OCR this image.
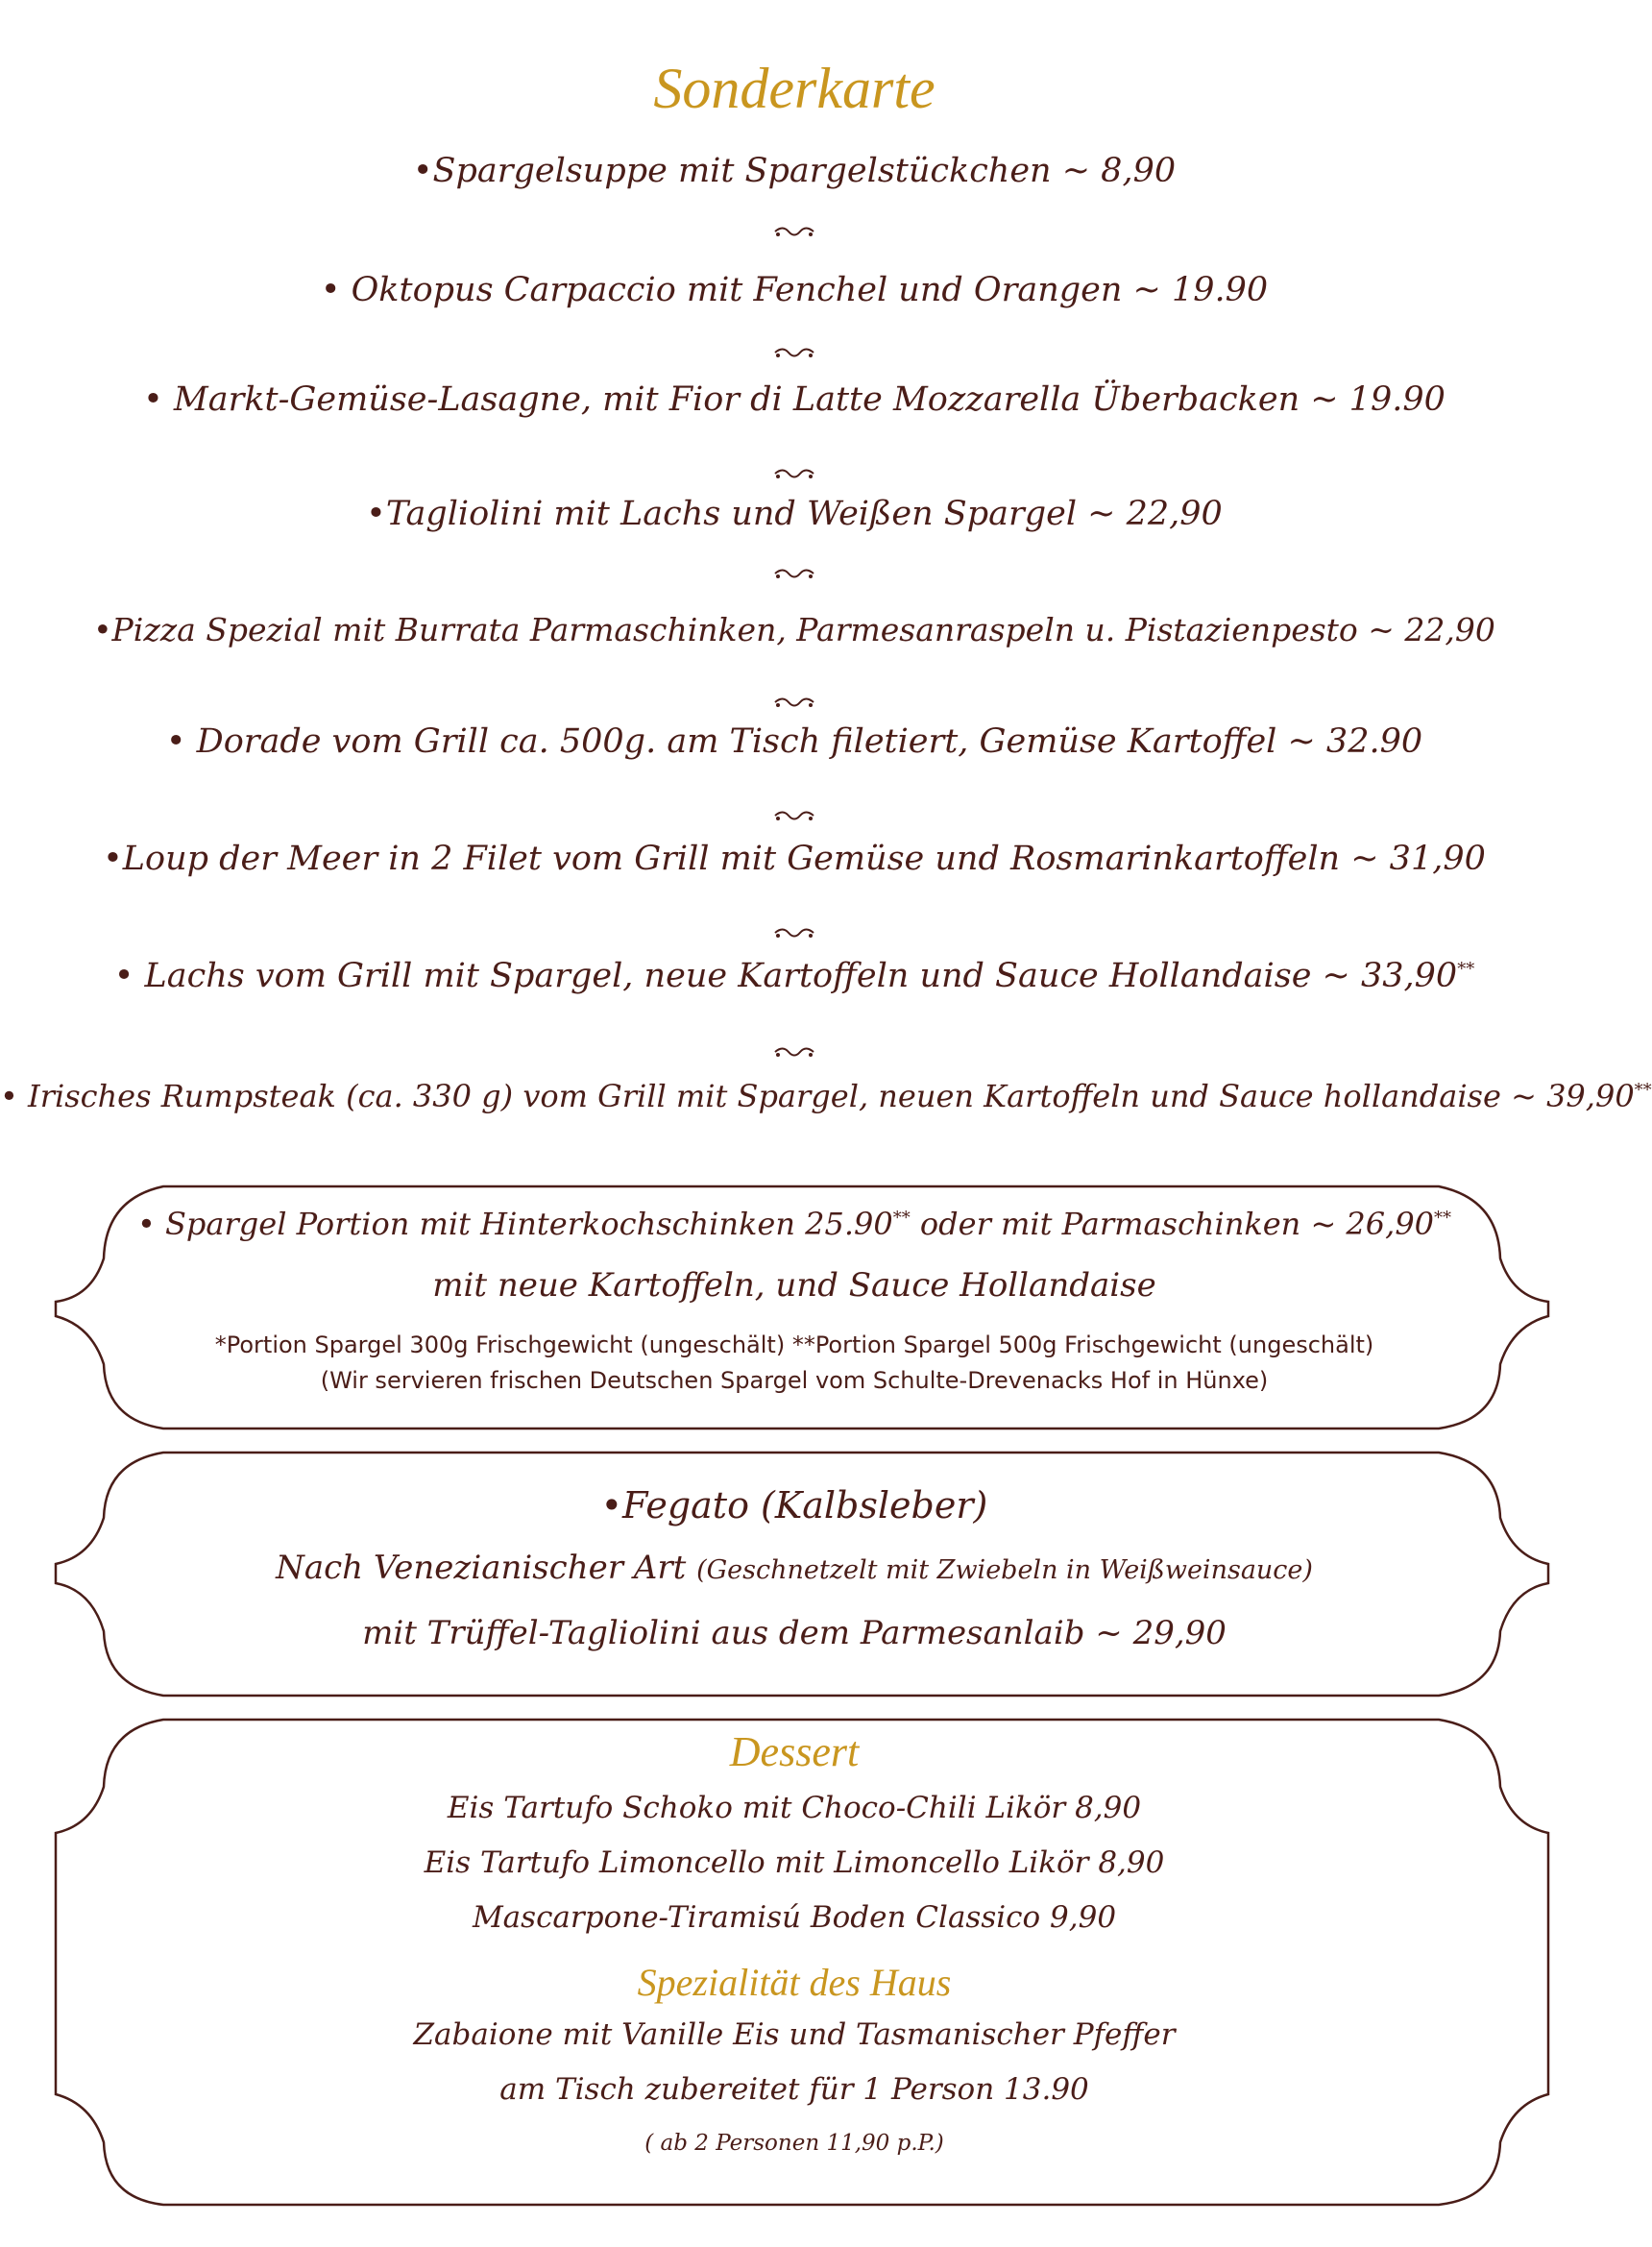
Sonderkarte
•Spargelsuppe mit Spargelstückchen ~ 8,90
• Oktopus Carpaccio mit Fenchel und Orangen ~ 19.90
• Markt-Gemüse-Lasagne, mit Fior di Latte Mozzarella Überbacken ~ 19.90
•Tagliolini mit Lachs und Weißen Spargel ~ 22,90
•Pizza Spezial mit Burrata Parmaschinken, Parmesanraspeln u. Pistazienpesto ~ 22,90
• Dorade vom Grill ca. 500g. am Tisch filetiert, Gemüse Kartoffel ~ 32.90
•Loup der Meer in 2 Filet vom Grill mit Gemüse und Rosmarinkartoffeln ~ 31,90
• Lachs vom Grill mit Spargel, neue Kartoffeln und Sauce Hollandaise ~ 33,90**
• Irisches Rumpsteak (ca. 330 g) vom Grill mit Spargel, neuen Kartoffeln und Sauce hollandaise ~ 39,90**
• Spargel Portion mit Hinterkochschinken 25.90** oder mit Parmaschinken ~ 26,90**
mit neue Kartoffeln, und Sauce Hollandaise
*Portion Spargel 300g Frischgewicht (ungeschält) **Portion Spargel 500g Frischgewicht (ungeschält)
(Wir servieren frischen Deutschen Spargel vom Schulte-Drevenacks Hof in Hünxe)
•Fegato (Kalbsleber)
Nach Venezianischer Art (Geschnetzelt mit Zwiebeln in Weißweinsauce)
mit Trüffel-Tagliolini aus dem Parmesanlaib ~ 29,90
Dessert
Eis Tartufo Schoko mit Choco-Chili Likör 8,90
Eis Tartufo Limoncello mit Limoncello Likör 8,90
Mascarpone-Tiramisú Boden Classico 9,90
Spezialität des Haus
Zabaione mit Vanille Eis und Tasmanischer Pfeffer
am Tisch zubereitet für 1 Person 13.90
( ab 2 Personen 11,90 p.P.)
